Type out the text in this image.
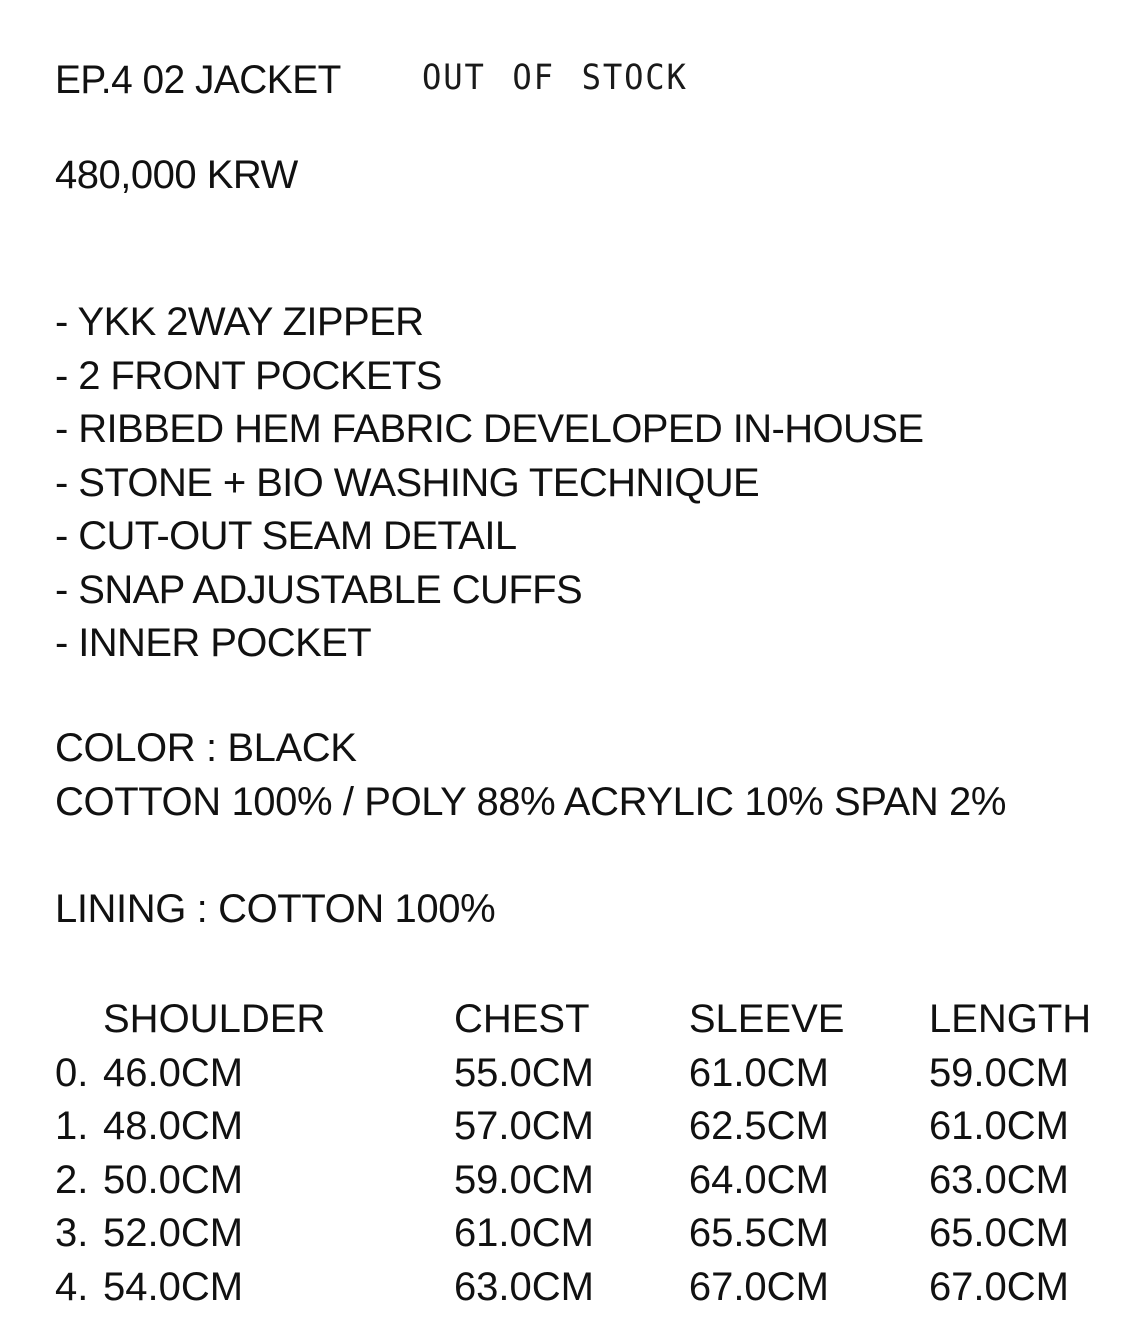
EP.4 02 JACKET OUT OF STOCK
480,000 KRW
- YKK 2WAY ZIPPER
- 2 FRONT POCKETS
- RIBBED HEM FABRIC DEVELOPED IN-HOUSE
- STONE + BIO WASHING TECHNIQUE
- CUT-OUT SEAM DETAIL
- SNAP ADJUSTABLE CUFFS
- INNER POCKET
COLOR : BLACK
COTTON 100% / POLY 88% ACRYLIC 10% SPAN 2%
LINING : COTTON 100%
SHOULDER	CHEST	SLEEVE	LENGTH
0. 46.0CM	55.0CM	61.0CM	59.0CM
1. 48.0CM	57.0CM	62.5CM	61.0CM
2. 50.0CM	59.0CM	64.0CM	63.0CM
3. 52.0CM	61.0CM	65.5CM	65.0CM
4. 54.0CM	63.0CM	67.0CM	67.0CM
